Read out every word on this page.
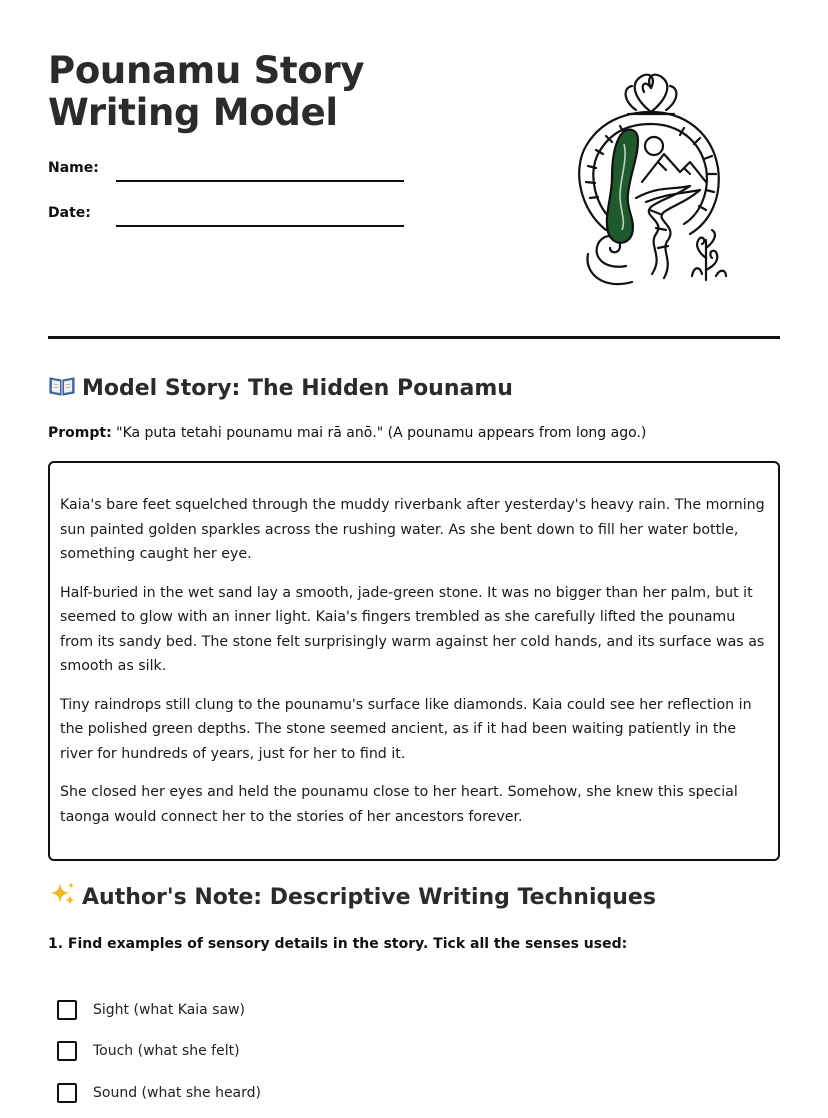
Pounamu Story Writing Model
Name:
Date:
Model Story: The Hidden Pounamu
Prompt: "Ka puta tetahi pounamu mai rā anō." (A pounamu appears from long ago.)

Kaia's bare feet squelched through the muddy riverbank after yesterday's heavy rain. The morning sun painted golden sparkles across the rushing water. As she bent down to fill her water bottle, something caught her eye.

Half-buried in the wet sand lay a smooth, jade-green stone. It was no bigger than her palm, but it seemed to glow with an inner light. Kaia's fingers trembled as she carefully lifted the pounamu from its sandy bed. The stone felt surprisingly warm against her cold hands, and its surface was as smooth as silk.

Tiny raindrops still clung to the pounamu's surface like diamonds. Kaia could see her reflection in the polished green depths. The stone seemed ancient, as if it had been waiting patiently in the river for hundreds of years, just for her to find it.

She closed her eyes and held the pounamu close to her heart. Somehow, she knew this special taonga would connect her to the stories of her ancestors forever.

Author's Note: Descriptive Writing Techniques
1. Find examples of sensory details in the story. Tick all the senses used:
Sight (what Kaia saw)
Touch (what she felt)
Sound (what she heard)
